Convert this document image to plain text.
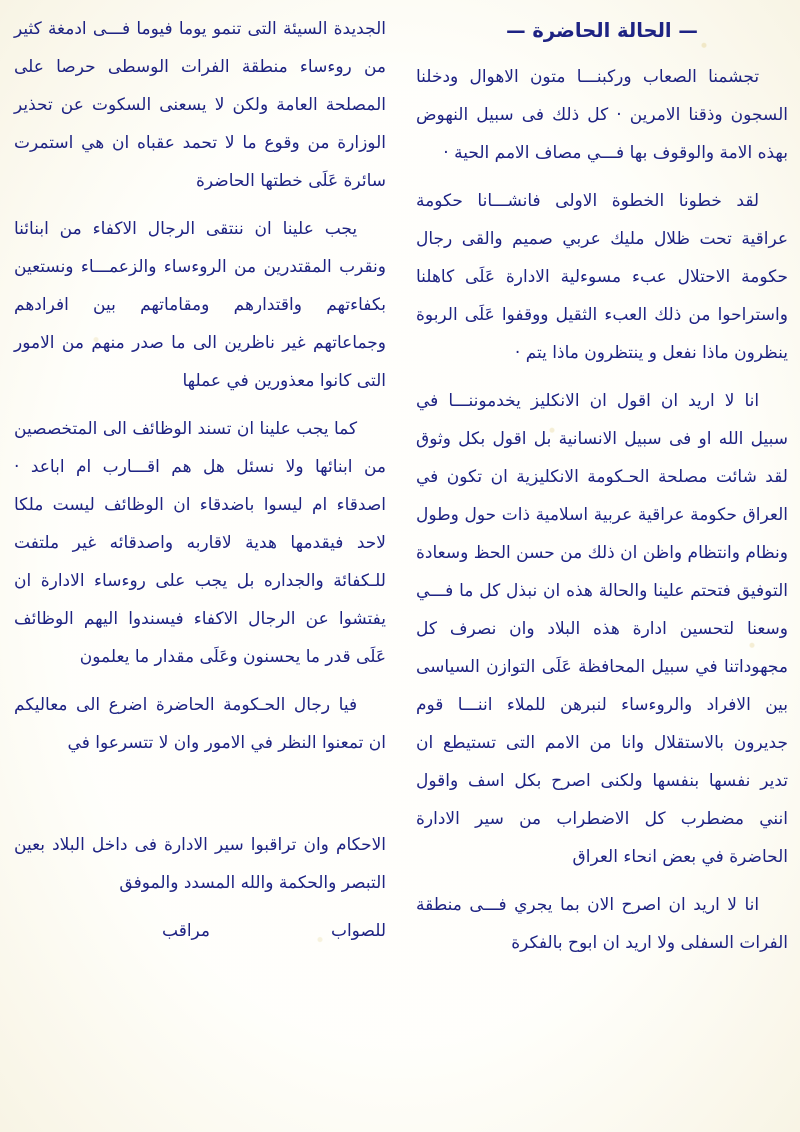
— الحالة الحاضرة —

تجشمنا الصعاب وركبنـــا متون الاهوال ودخلنا السجون وذقنا الامرين · كل ذلك فى سبيل النهوض بهذه الامة والوقوف بها فـــي مصاف الامم الحية ·

لقد خطونا الخطوة الاولى فانشـــانا حكومة عراقية تحت ظلال مليك عربي صميم والقى رجال حكومة الاحتلال عبء مسوءلية الادارة عَلَى كاهلنا واستراحوا من ذلك العبء الثقيل ووقفوا عَلَى الربوة ينظرون ماذا نفعل و ينتظرون ماذا يتم ·

انا لا اريد ان اقول ان الانكليز يخدموننـــا في سبيل الله او فى سبيل الانسانية بل اقول بكل وثوق لقد شائت مصلحة الحـكومة الانكليزية ان تكون في العراق حكومة عراقية عربية اسلامية ذات حول وطول ونظام وانتظام واظن ان ذلك من حسن الحظ وسعادة التوفيق فتحتم علينا والحالة هذه ان نبذل كل ما فـــي وسعنا لتحسين ادارة هذه البلاد وان نصرف كل مجهوداتنا في سبيل المحافظة عَلَى التوازن السياسى بين الافراد والروءساء لنبرهن للملاء اننـــا قوم جديرون بالاستقلال وانا من الامم التى تستيطع ان تدير نفسها بنفسها ولكنى اصرح بكل اسف واقول انني مضطرب كل الاضطراب من سير الادارة الحاضرة في بعض انحاء العراق

انا لا اريد ان اصرح الان بما يجري فـــى منطقة الفرات السفلى ولا اريد ان ابوح بالفكرة

الجديدة السيئة التى تنمو يوما فيوما فـــى ادمغة كثير من روءساء منطقة الفرات الوسطى حرصا على المصلحة العامة ولكن لا يسعنى السكوت عن تحذير الوزارة من وقوع ما لا تحمد عقباه ان هي استمرت سائرة عَلَى خطتها الحاضرة

يجب علينا ان ننتقى الرجال الاكفاء من ابنائنا ونقرب المقتدرين من الروءساء والزعمـــاء ونستعين بكفاءتهم واقتدارهم ومقاماتهم بين افرادهم وجماعاتهم غير ناظرين الى ما صدر منهم من الامور التى كانوا معذورين في عملها

كما يجب علينا ان تسند الوظائف الى المتخصصين من ابنائها ولا نسئل هل هم اقـــارب ام اباعد · اصدقاء ام ليسوا باضدقاء ان الوظائف ليست ملكا لاحد فيقدمها هدية لاقاربه واصدقائه غير ملتفت للـكفائة والجداره بل يجب على روءساء الادارة ان يفتشوا عن الرجال الاكفاء فيسندوا اليهم الوظائف عَلَى قدر ما يحسنون وعَلَى مقدار ما يعلمون

فيا رجال الحـكومة الحاضرة اضرع الى معاليكم ان تمعنوا النظر في الامور وان لا تتسرعوا في

الاحكام وان تراقبوا سير الادارة فى داخل البلاد بعين التبصر والحكمة والله المسدد والموفق

للصواب
مراقب
